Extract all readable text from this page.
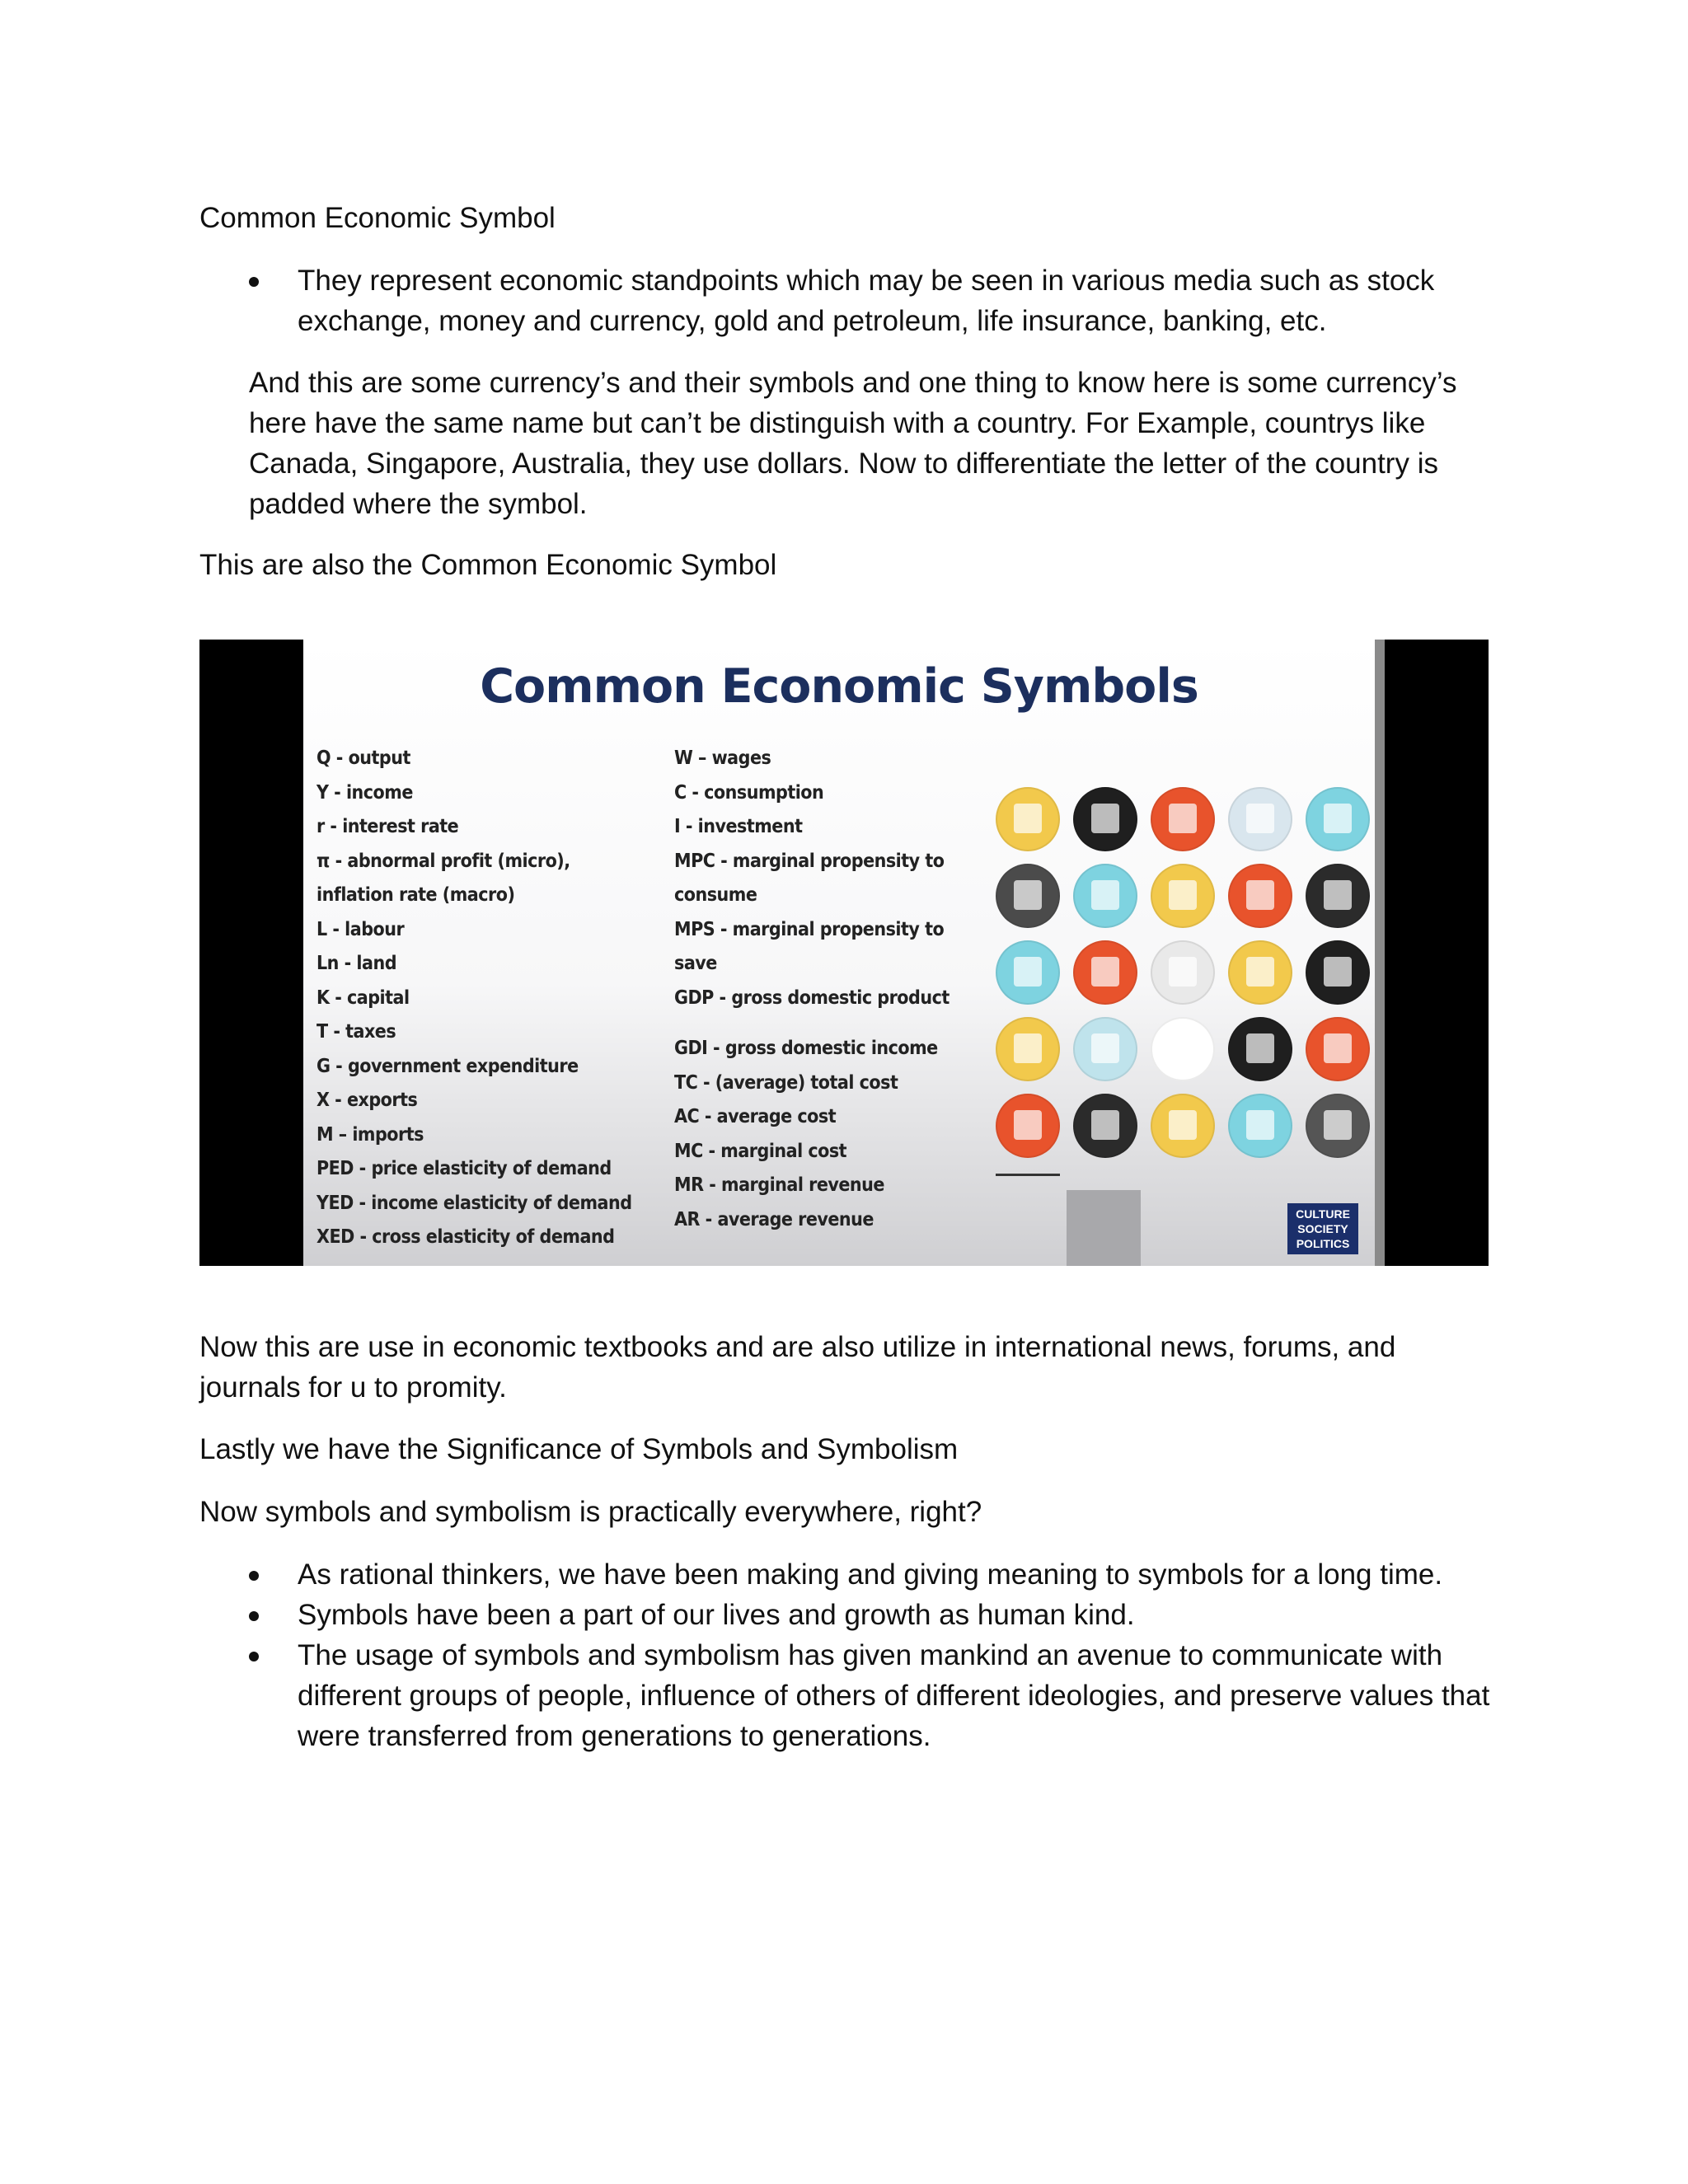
Common Economic Symbol

They represent economic standpoints which may be seen in various media such as stock exchange, money and currency, gold and petroleum, life insurance, banking, etc.

And this are some currency’s and their symbols and one thing to know here is some currency’s here have the same name but can’t be distinguish with a country. For Example, countrys like Canada, Singapore, Australia, they use dollars. Now to differentiate the letter of the country is padded where the symbol.

This are also the Common Economic Symbol

Common Economic Symbols
Q - output
Y - income
r - interest rate
π - abnormal profit (micro),
inflation rate (macro)
L - labour
Ln - land
K - capital
T - taxes
G - government expenditure
X - exports
M – imports
PED - price elasticity of demand
YED - income elasticity of demand
XED - cross elasticity of demand
W – wages
C - consumption
I - investment
MPC - marginal propensity to
consume
MPS - marginal propensity to
save
GDP - gross domestic product
GDI - gross domestic income
TC - (average) total cost
AC - average cost
MC - marginal cost
MR - marginal revenue
AR - average revenue	CULTURE
SOCIETY
POLITICS

Now this are use in economic textbooks and are also utilize in international news, forums, and journals for u to promity.

Lastly we have the Significance of Symbols and Symbolism

Now symbols and symbolism is practically everywhere, right?

As rational thinkers, we have been making and giving meaning to symbols for a long time.
Symbols have been a part of our lives and growth as human kind.
The usage of symbols and symbolism has given mankind an avenue to communicate with different groups of people, influence of others of different ideologies, and preserve values that were transferred from generations to generations.
